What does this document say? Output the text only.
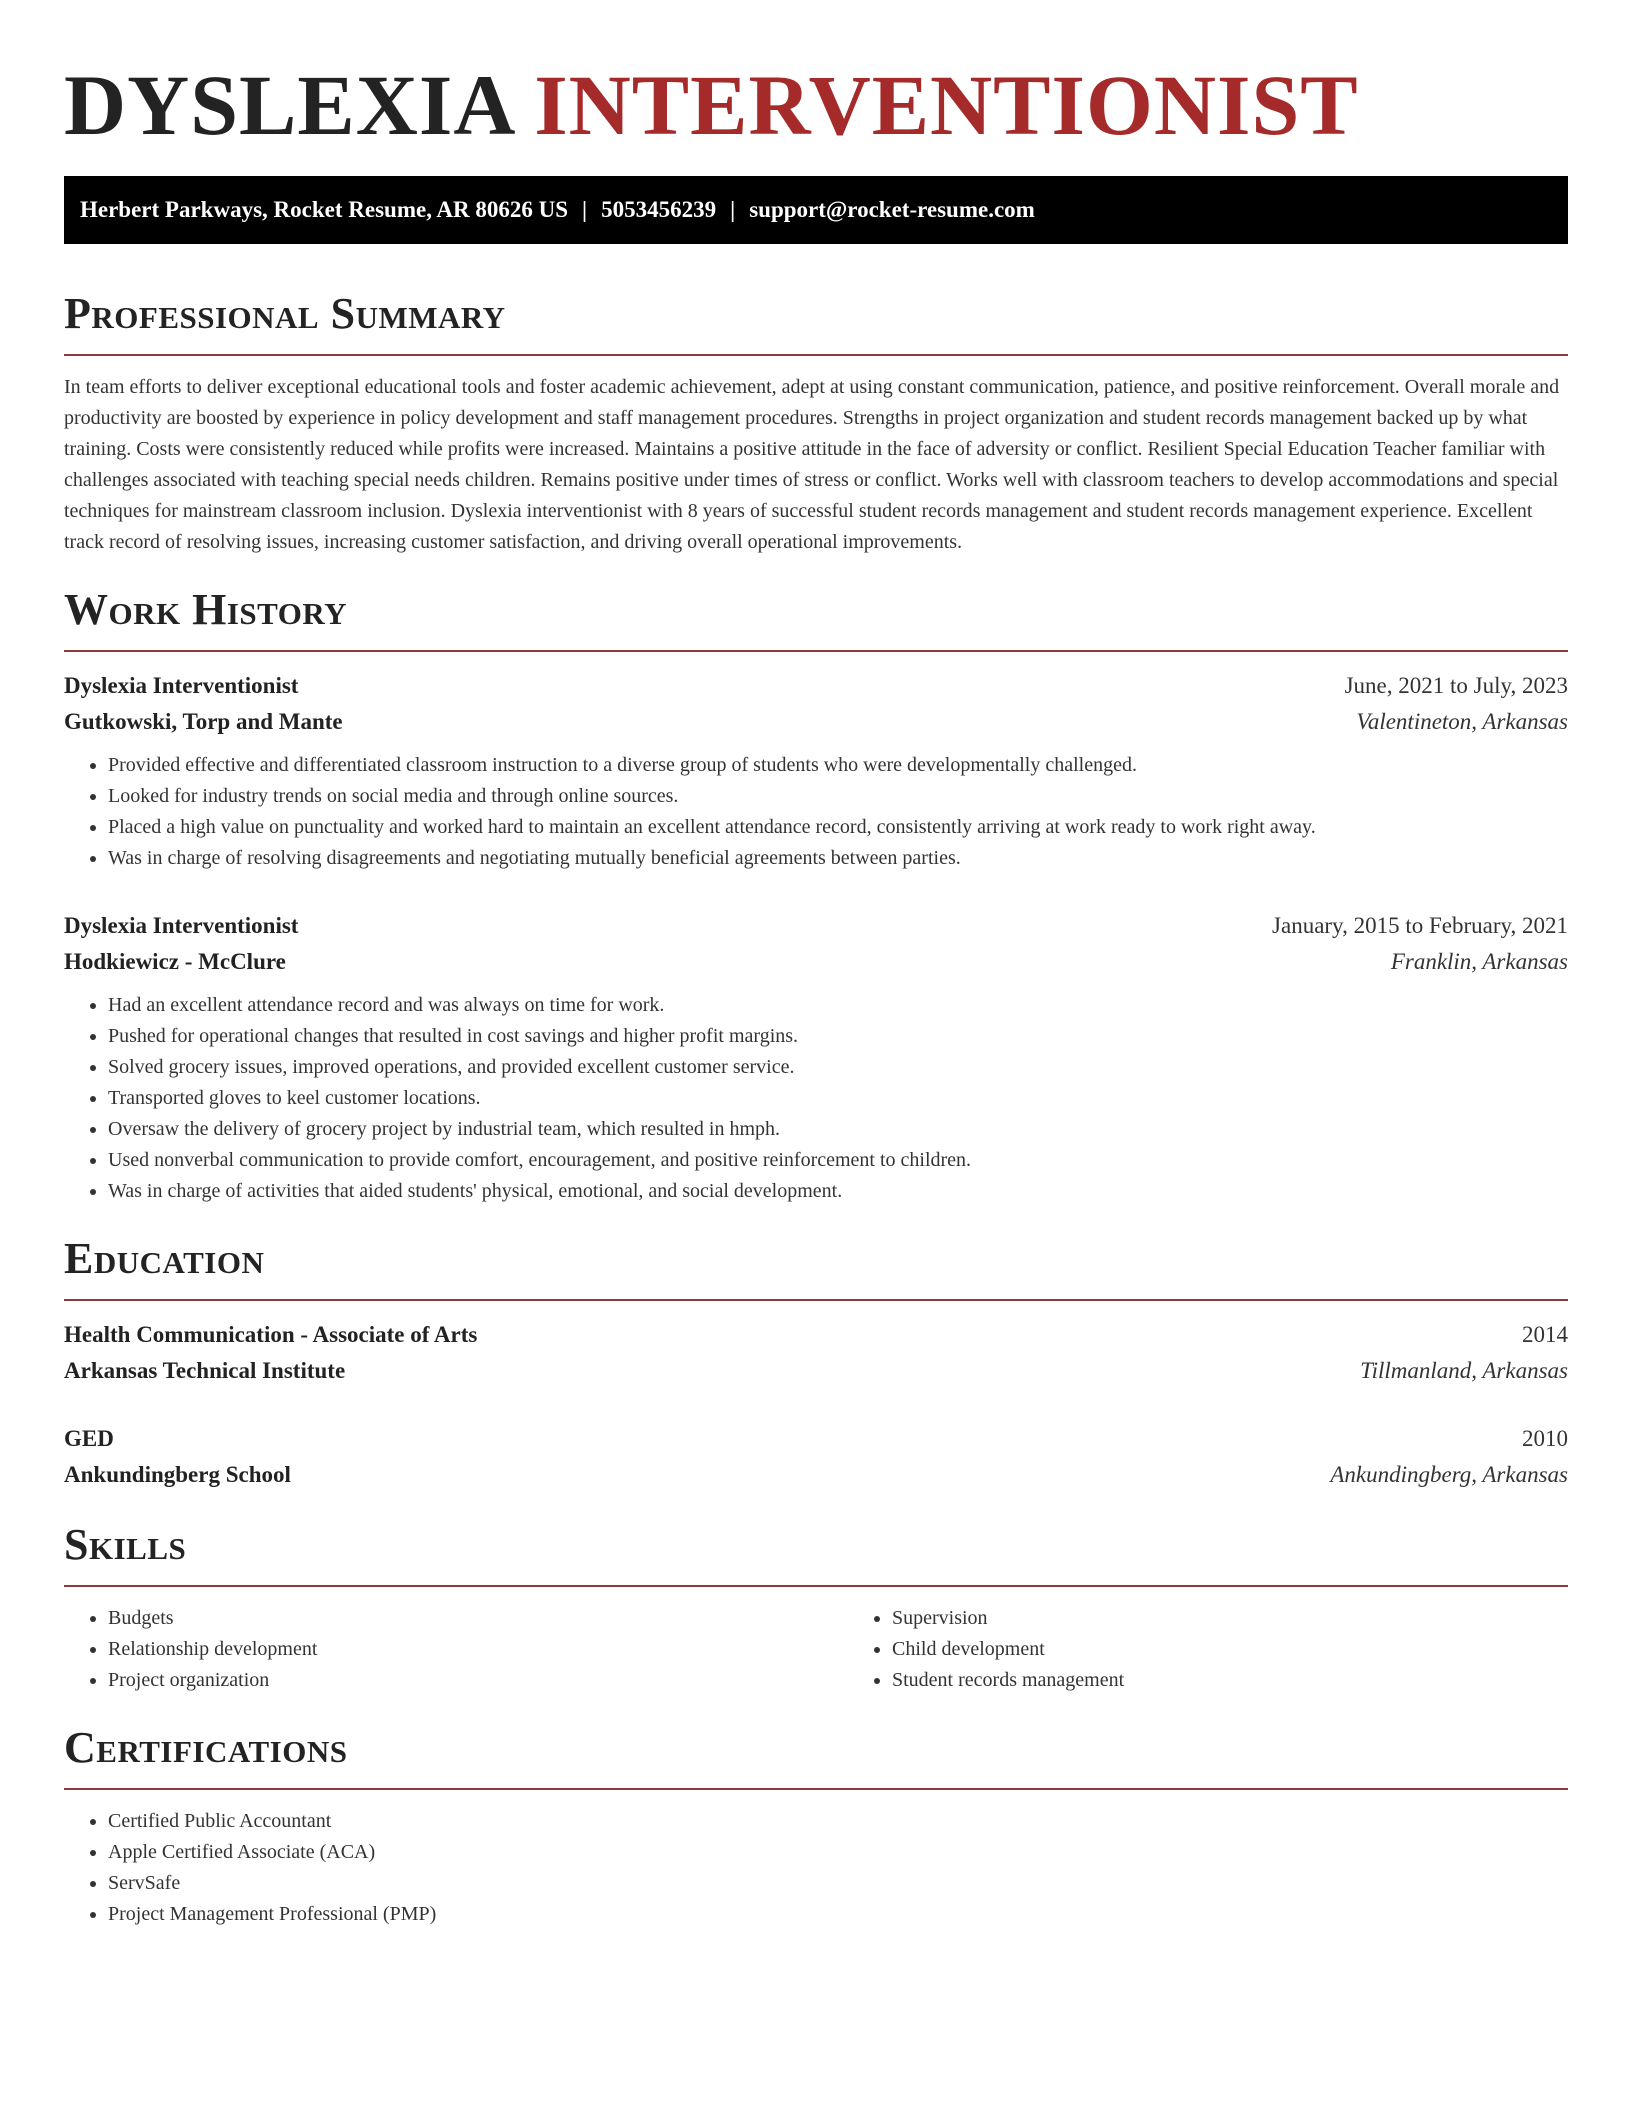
DYSLEXIA INTERVENTIONIST
Herbert Parkways, Rocket Resume, AR 80626 US | 5053456239 | support@rocket-resume.com
Professional Summary

In team efforts to deliver exceptional educational tools and foster academic achievement, adept at using constant communication, patience, and positive reinforcement. Overall morale and productivity are boosted by experience in policy development and staff management procedures. Strengths in project organization and student records management backed up by what training. Costs were consistently reduced while profits were increased. Maintains a positive attitude in the face of adversity or conflict. Resilient Special Education Teacher familiar with challenges associated with teaching special needs children. Remains positive under times of stress or conflict. Works well with classroom teachers to develop accommodations and special techniques for mainstream classroom inclusion. Dyslexia interventionist with 8 years of successful student records management and student records management experience. Excellent track record of resolving issues, increasing customer satisfaction, and driving overall operational improvements.

Work History
Dyslexia Interventionist	June, 2021 to July, 2023
Gutkowski, Torp and Mante	Valentineton, Arkansas
• Provided effective and differentiated classroom instruction to a diverse group of students who were developmentally challenged.
• Looked for industry trends on social media and through online sources.
• Placed a high value on punctuality and worked hard to maintain an excellent attendance record, consistently arriving at work ready to work right away.
• Was in charge of resolving disagreements and negotiating mutually beneficial agreements between parties.
Dyslexia Interventionist	January, 2015 to February, 2021
Hodkiewicz - McClure	Franklin, Arkansas
• Had an excellent attendance record and was always on time for work.
• Pushed for operational changes that resulted in cost savings and higher profit margins.
• Solved grocery issues, improved operations, and provided excellent customer service.
• Transported gloves to keel customer locations.
• Oversaw the delivery of grocery project by industrial team, which resulted in hmph.
• Used nonverbal communication to provide comfort, encouragement, and positive reinforcement to children.
• Was in charge of activities that aided students' physical, emotional, and social development.
Education
Health Communication - Associate of Arts	2014
Arkansas Technical Institute	Tillmanland, Arkansas
GED	2010
Ankundingberg School	Ankundingberg, Arkansas
Skills
• Budgets
• Relationship development
• Project organization
• Supervision
• Child development
• Student records management
Certifications
• Certified Public Accountant
• Apple Certified Associate (ACA)
• ServSafe
• Project Management Professional (PMP)
